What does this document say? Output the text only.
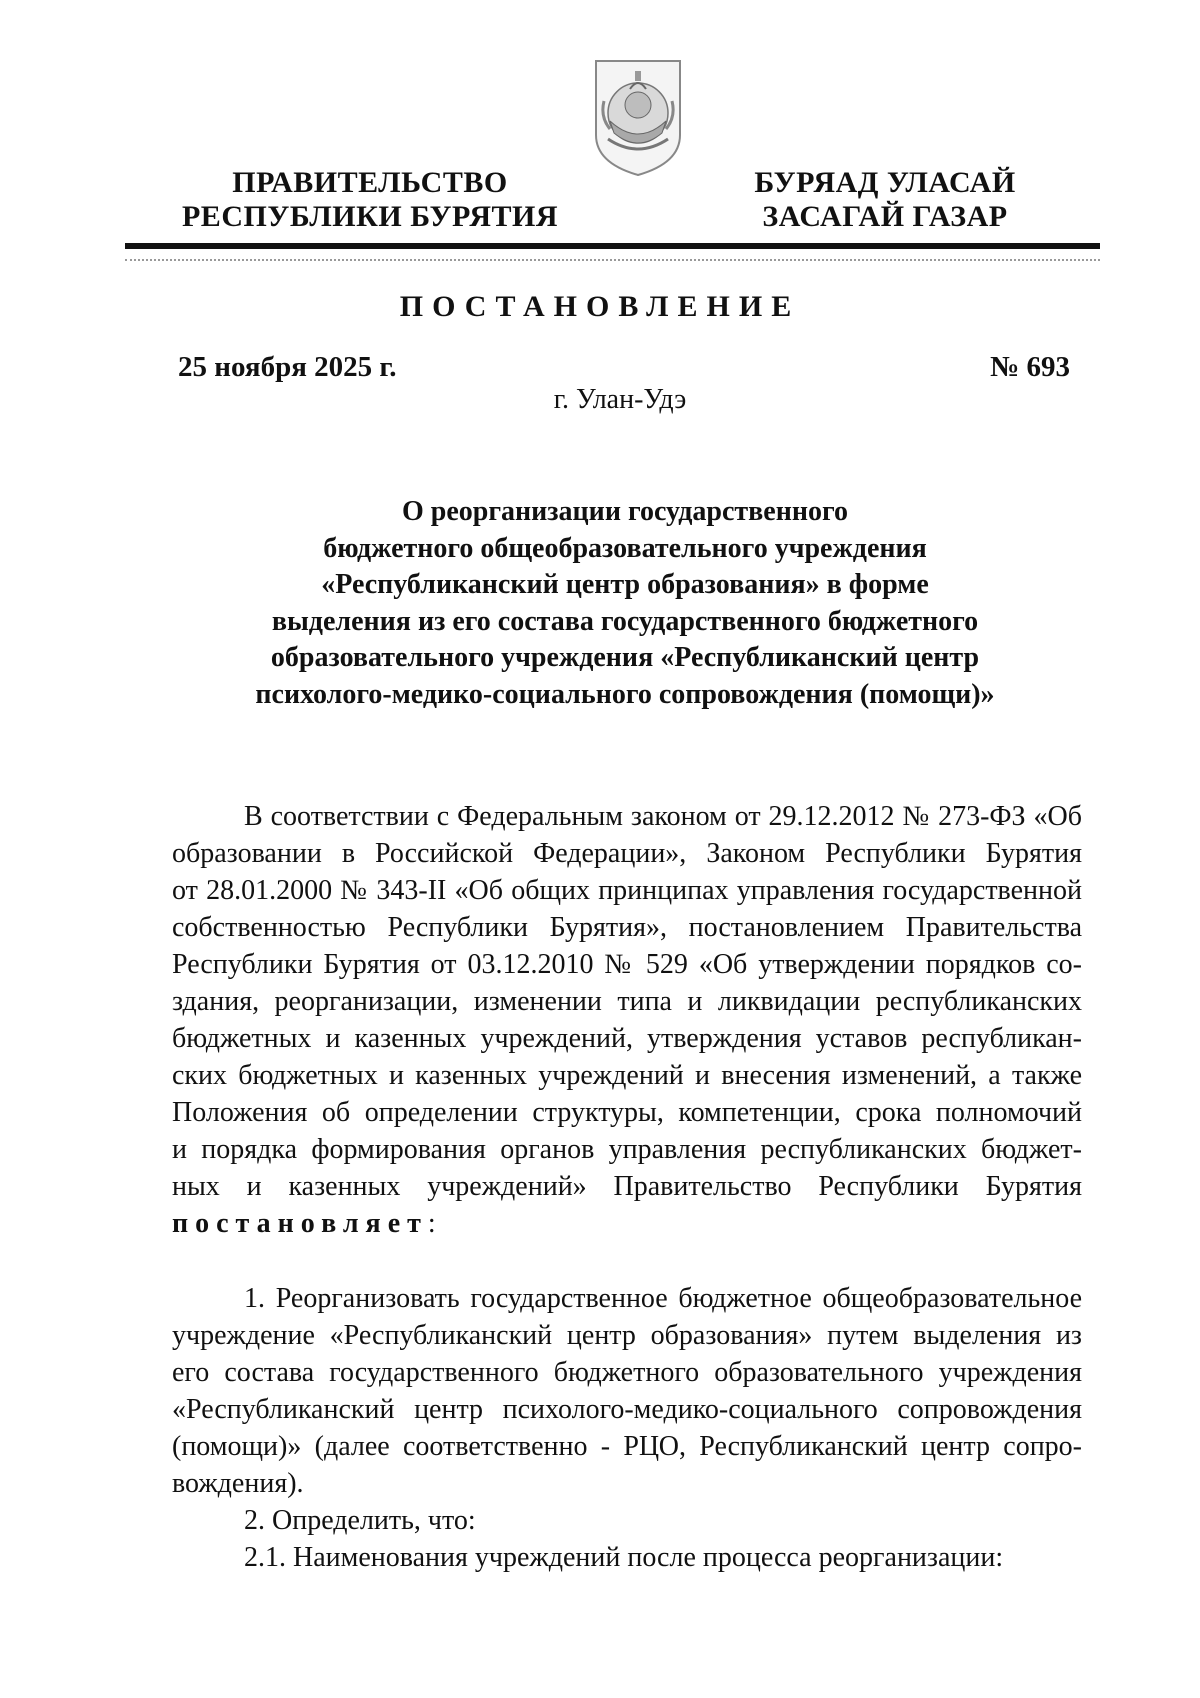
ПРАВИТЕЛЬСТВО
РЕСПУБЛИКИ БУРЯТИЯ
БУРЯАД УЛАСАЙ
ЗАСАГАЙ ГАЗАР
ПОСТАНОВЛЕНИЕ
25 ноября 2025 г.	№ 693
г. Улан-Удэ
О реорганизации государственного
бюджетного общеобразовательного учреждения
«Республиканский центр образования» в форме
выделения из его состава государственного бюджетного
образовательного учреждения «Республиканский центр
психолого-медико-социального сопровождения (помощи)»
В соответствии с Федеральным законом от 29.12.2012 № 273-ФЗ «Об
образовании в Российской Федерации», Законом Республики Бурятия
от 28.01.2000 № 343-II «Об общих принципах управления государственной
собственностью Республики Бурятия», постановлением Правительства
Республики Бурятия от 03.12.2010 № 529 «Об утверждении порядков со-
здания, реорганизации, изменении типа и ликвидации республиканских
бюджетных и казенных учреждений, утверждения уставов республикан-
ских бюджетных и казенных учреждений и внесения изменений, а также
Положения об определении структуры, компетенции, срока полномочий
и порядка формирования органов управления республиканских бюджет-
ных и казенных учреждений» Правительство Республики Бурятия
постановляет:
1. Реорганизовать государственное бюджетное общеобразовательное
учреждение «Республиканский центр образования» путем выделения из
его состава государственного бюджетного образовательного учреждения
«Республиканский центр психолого-медико-социального сопровождения
(помощи)» (далее соответственно - РЦО, Республиканский центр сопро-
вождения).
2. Определить, что:
2.1. Наименования учреждений после процесса реорганизации:
